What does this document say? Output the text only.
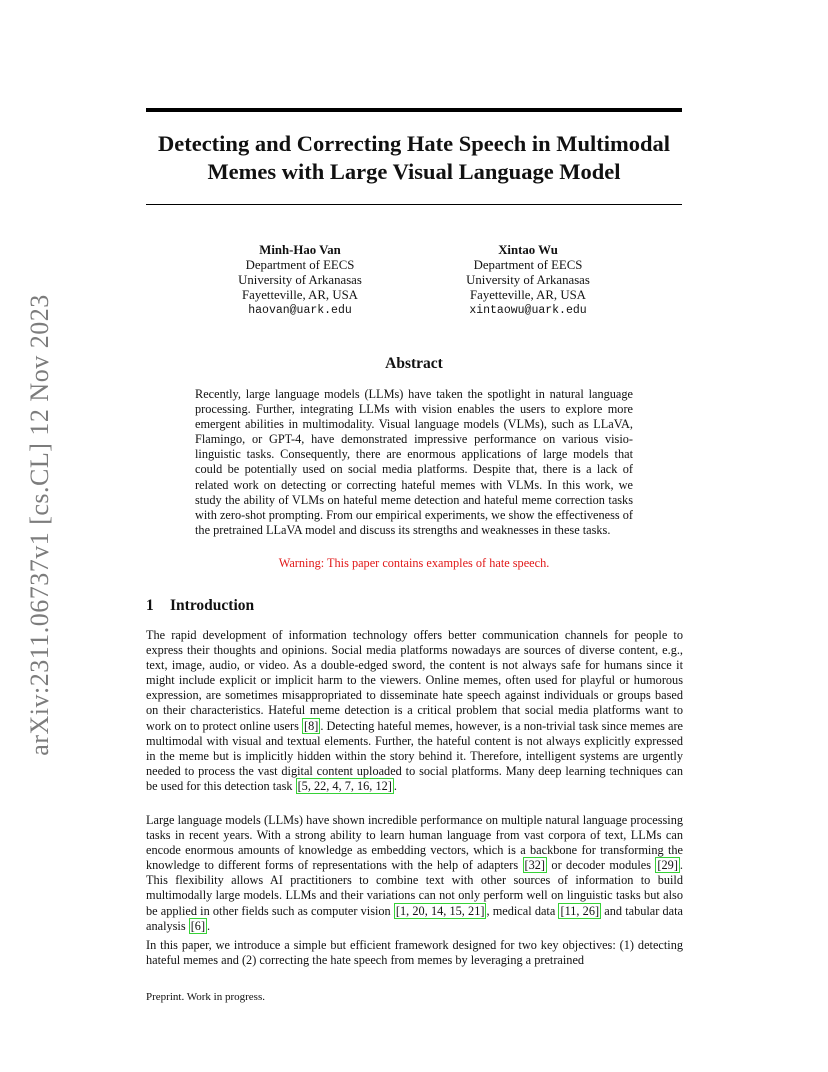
arXiv:2311.06737v1 [cs.CL] 12 Nov 2023
Detecting and Correcting Hate Speech in Multimodal Memes with Large Visual Language Model
Minh-Hao Van
Department of EECS
University of Arkanasas
Fayetteville, AR, USA
haovan@uark.edu
Xintao Wu
Department of EECS
University of Arkanasas
Fayetteville, AR, USA
xintaowu@uark.edu
Abstract
Recently, large language models (LLMs) have taken the spotlight in natural language processing. Further, integrating LLMs with vision enables the users to explore more emergent abilities in multimodality. Visual language models (VLMs), such as LLaVA, Flamingo, or GPT-4, have demonstrated impressive performance on various visio-linguistic tasks. Consequently, there are enormous applications of large models that could be potentially used on social media platforms. Despite that, there is a lack of related work on detecting or correcting hateful memes with VLMs. In this work, we study the ability of VLMs on hateful meme detection and hateful meme correction tasks with zero-shot prompting. From our empirical experiments, we show the effectiveness of the pretrained LLaVA model and discuss its strengths and weaknesses in these tasks.
Warning: This paper contains examples of hate speech.
1 Introduction
The rapid development of information technology offers better communication channels for people to express their thoughts and opinions. Social media platforms nowadays are sources of diverse content, e.g., text, image, audio, or video. As a double-edged sword, the content is not always safe for humans since it might include explicit or implicit harm to the viewers. Online memes, often used for playful or humorous expression, are sometimes misappropriated to disseminate hate speech against individuals or groups based on their characteristics. Hateful meme detection is a critical problem that social media platforms want to work on to protect online users [8] . Detecting hateful memes, however, is a non-trivial task since memes are multimodal with visual and textual elements. Further, the hateful content is not always explicitly expressed in the meme but is implicitly hidden within the story behind it. Therefore, intelligent systems are urgently needed to process the vast digital content uploaded to social platforms. Many deep learning techniques can be used for this detection task [5, 22, 4, 7, 16, 12] .
Large language models (LLMs) have shown incredible performance on multiple natural language processing tasks in recent years. With a strong ability to learn human language from vast corpora of text, LLMs can encode enormous amounts of knowledge as embedding vectors, which is a backbone for transforming the knowledge to different forms of representations with the help of adapters [32] or decoder modules [29] . This flexibility allows AI practitioners to combine text with other sources of information to build multimodally large models. LLMs and their variations can not only perform well on linguistic tasks but also be applied in other fields such as computer vision [1, 20, 14, 15, 21] , medical data [11, 26] and tabular data analysis [6] .
In this paper, we introduce a simple but efficient framework designed for two key objectives: (1) detecting hateful memes and (2) correcting the hate speech from memes by leveraging a pretrained
Preprint. Work in progress.
